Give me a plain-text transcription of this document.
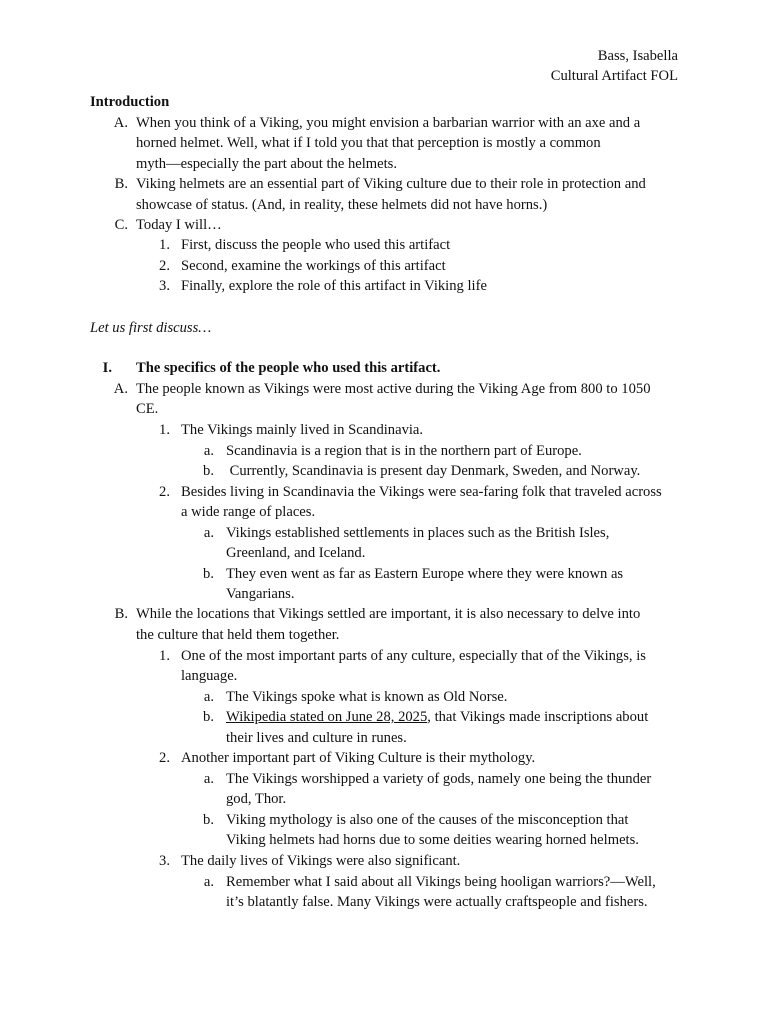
Bass, Isabella
Cultural Artifact FOL
Introduction
A. When you think of a Viking, you might envision a barbarian warrior with an axe and a
horned helmet. Well, what if I told you that that perception is mostly a common
myth—especially the part about the helmets.
B. Viking helmets are an essential part of Viking culture due to their role in protection and
showcase of status. (And, in reality, these helmets did not have horns.)
C. Today I will…
1. First, discuss the people who used this artifact
2. Second, examine the workings of this artifact
3. Finally, explore the role of this artifact in Viking life
Let us first discuss…
I. The specifics of the people who used this artifact.
A. The people known as Vikings were most active during the Viking Age from 800 to 1050
CE.
1. The Vikings mainly lived in Scandinavia.
a. Scandinavia is a region that is in the northern part of Europe.
b. Currently, Scandinavia is present day Denmark, Sweden, and Norway.
2. Besides living in Scandinavia the Vikings were sea-faring folk that traveled across
a wide range of places.
a. Vikings established settlements in places such as the British Isles,
Greenland, and Iceland.
b. They even went as far as Eastern Europe where they were known as
Vangarians.
B. While the locations that Vikings settled are important, it is also necessary to delve into
the culture that held them together.
1. One of the most important parts of any culture, especially that of the Vikings, is
language.
a. The Vikings spoke what is known as Old Norse.
b. Wikipedia stated on June 28, 2025, that Vikings made inscriptions about
their lives and culture in runes.
2. Another important part of Viking Culture is their mythology.
a. The Vikings worshipped a variety of gods, namely one being the thunder
god, Thor.
b. Viking mythology is also one of the causes of the misconception that
Viking helmets had horns due to some deities wearing horned helmets.
3. The daily lives of Vikings were also significant.
a. Remember what I said about all Vikings being hooligan warriors?—Well,
it’s blatantly false. Many Vikings were actually craftspeople and fishers.
